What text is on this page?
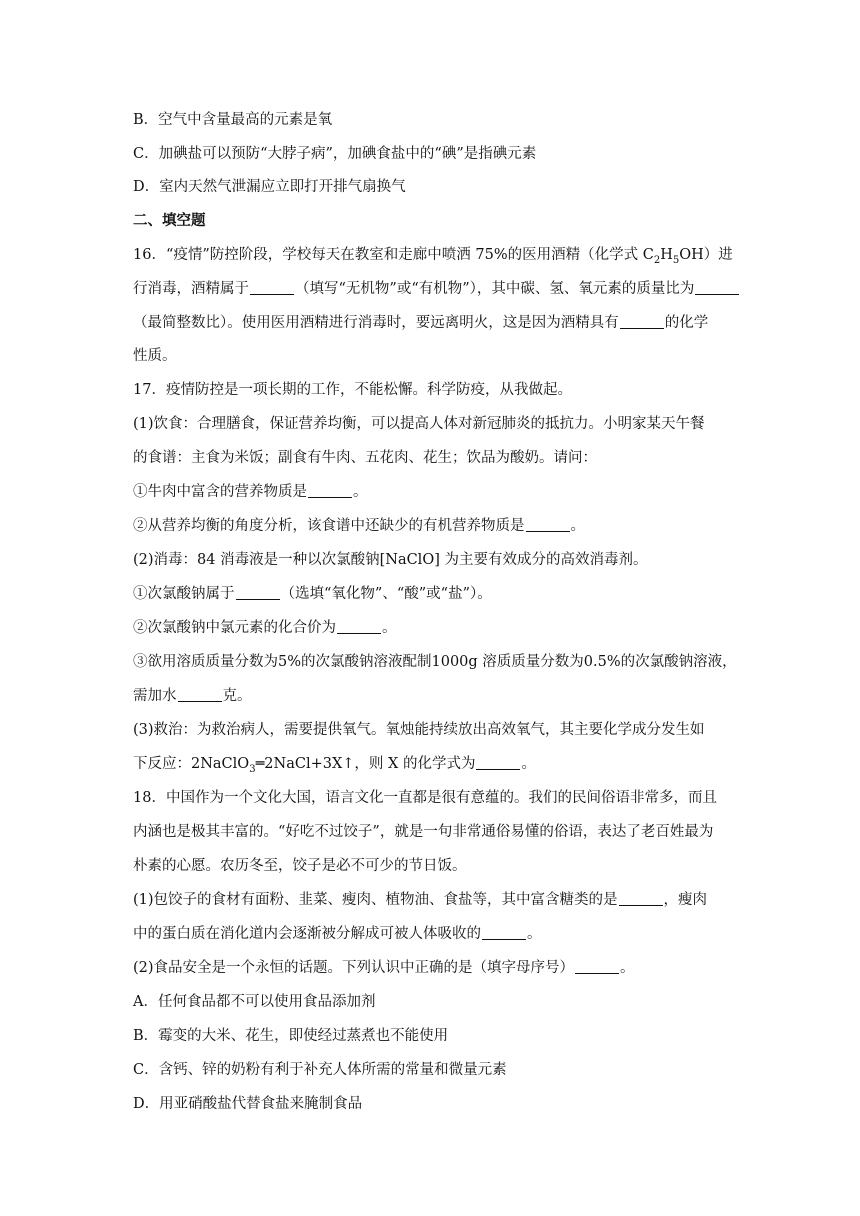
B．空气中含量最高的元素是氧
C．加碘盐可以预防“大脖子病”，加碘食盐中的“碘”是指碘元素
D．室内天然气泄漏应立即打开排气扇换气
二、填空题
16．“疫情”防控阶段，学校每天在教室和走廊中喷洒 75%的医用酒精（化学式 $C_2H_5OH$）进
行消毒，酒精属于	（填写“无机物”或“有机物”），其中碳、氢、氧元素的质量比为
（最简整数比）。使用医用酒精进行消毒时，要远离明火，这是因为酒精具有	的化学
性质。
17．疫情防控是一项长期的工作，不能松懈。科学防疫，从我做起。
(1)饮食：合理膳食，保证营养均衡，可以提高人体对新冠肺炎的抵抗力。小明家某天午餐
的食谱：主食为米饭；副食有牛肉、五花肉、花生；饮品为酸奶。请问：
①牛肉中富含的营养物质是	。
②从营养均衡的角度分析，该食谱中还缺少的有机营养物质是	。
(2)消毒：84 消毒液是一种以次氯酸钠[NaClO] 为主要有效成分的高效消毒剂。
①次氯酸钠属于	（选填“氧化物”、“酸”或“盐”）。
②次氯酸钠中氯元素的化合价为	。
③欲用溶质质量分数为5%的次氯酸钠溶液配制1000g 溶质质量分数为0.5%的次氯酸钠溶液，
需加水	克。
(3)救治：为救治病人，需要提供氧气。氧烛能持续放出高效氧气，其主要化学成分发生如
下反应：2NaClO$_3$═2NaCl+3X↑，则 X 的化学式为	。
18．中国作为一个文化大国，语言文化一直都是很有意蕴的。我们的民间俗语非常多，而且
内涵也是极其丰富的。“好吃不过饺子”，就是一句非常通俗易懂的俗语，表达了老百姓最为
朴素的心愿。农历冬至，饺子是必不可少的节日饭。
(1)包饺子的食材有面粉、韭菜、瘦肉、植物油、食盐等，其中富含糖类的是	，瘦肉
中的蛋白质在消化道内会逐渐被分解成可被人体吸收的	。
(2)食品安全是一个永恒的话题。下列认识中正确的是（填字母序号）	。
A．任何食品都不可以使用食品添加剂
B．霉变的大米、花生，即使经过蒸煮也不能使用
C．含钙、锌的奶粉有利于补充人体所需的常量和微量元素
D．用亚硝酸盐代替食盐来腌制食品
